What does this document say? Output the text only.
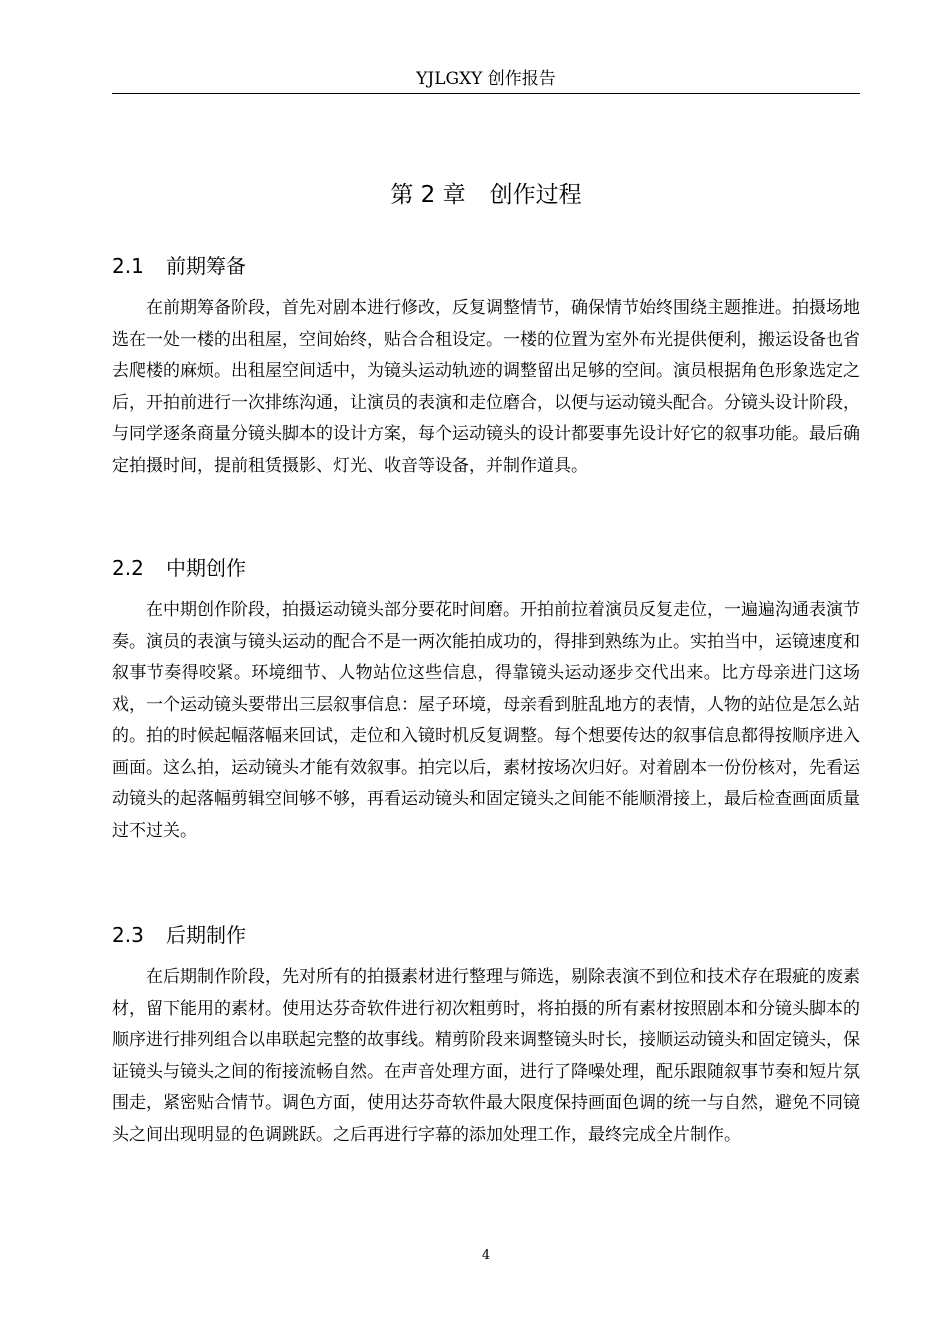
YJLGXY 创作报告
第 2 章 创作过程
2.1 前期筹备

在前期筹备阶段，首先对剧本进行修改，反复调整情节，确保情节始终围绕主题推进。拍摄场地选在一处一楼的出租屋，空间始终，贴合合租设定。一楼的位置为室外布光提供便利，搬运设备也省去爬楼的麻烦。出租屋空间适中，为镜头运动轨迹的调整留出足够的空间。演员根据角色形象选定之后，开拍前进行一次排练沟通，让演员的表演和走位磨合，以便与运动镜头配合。分镜头设计阶段，与同学逐条商量分镜头脚本的设计方案，每个运动镜头的设计都要事先设计好它的叙事功能。最后确定拍摄时间，提前租赁摄影、灯光、收音等设备，并制作道具。

2.2 中期创作

在中期创作阶段，拍摄运动镜头部分要花时间磨。开拍前拉着演员反复走位，一遍遍沟通表演节奏。演员的表演与镜头运动的配合不是一两次能拍成功的，得排到熟练为止。实拍当中，运镜速度和叙事节奏得咬紧。环境细节、人物站位这些信息，得靠镜头运动逐步交代出来。比方母亲进门这场戏，一个运动镜头要带出三层叙事信息：屋子环境，母亲看到脏乱地方的表情，人物的站位是怎么站的。拍的时候起幅落幅来回试，走位和入镜时机反复调整。每个想要传达的叙事信息都得按顺序进入画面。这么拍，运动镜头才能有效叙事。拍完以后，素材按场次归好。对着剧本一份份核对，先看运动镜头的起落幅剪辑空间够不够，再看运动镜头和固定镜头之间能不能顺滑接上，最后检查画面质量过不过关。

2.3 后期制作

在后期制作阶段，先对所有的拍摄素材进行整理与筛选，剔除表演不到位和技术存在瑕疵的废素材，留下能用的素材。使用达芬奇软件进行初次粗剪时，将拍摄的所有素材按照剧本和分镜头脚本的顺序进行排列组合以串联起完整的故事线。精剪阶段来调整镜头时长，接顺运动镜头和固定镜头，保证镜头与镜头之间的衔接流畅自然。在声音处理方面，进行了降噪处理，配乐跟随叙事节奏和短片氛围走，紧密贴合情节。调色方面，使用达芬奇软件最大限度保持画面色调的统一与自然，避免不同镜头之间出现明显的色调跳跃。之后再进行字幕的添加处理工作，最终完成全片制作。

4
